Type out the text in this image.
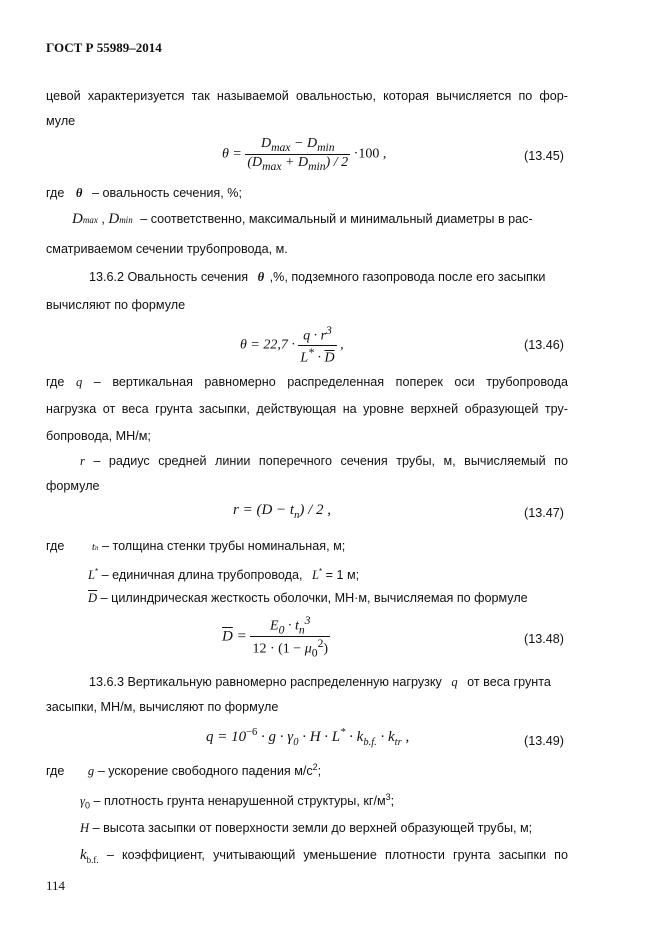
ГОСТ Р 55989–2014
цевой характеризуется так называемой овальностью, которая вычисляется по фор-
муле
$\theta = \frac{D_{max} - D_{min}}{(D_{max} + D_{min}) / 2} \cdot 100$ ,	(13.45)
где θ – овальность сечения, %;
Dmax , Dmin – соответственно, максимальный и минимальный диаметры в рас-
сматриваемом сечении трубопровода, м.
13.6.2 Овальность сечения θ ,%, подземного газопровода после его засыпки
вычисляют по формуле
$\theta = 22,7 \cdot \frac{q \cdot r^3}{L^* \cdot \overline{D}}$ ,	(13.46)
где q – вертикальная равномерно распределенная поперек оси трубопровода
нагрузка от веса грунта засыпки, действующая на уровне верхней образующей тру-
бопровода, МН/м;
r – радиус средней линии поперечного сечения трубы, м, вычисляемый по
формуле
$r = (D - t_n) / 2$ ,	(13.47)
где	tn – толщина стенки трубы номинальная, м;
L* – единичная длина трубопровода, L* = 1 м;
$\overline{D}$ – цилиндрическая жесткость оболочки, МН·м, вычисляемая по формуле
$\overline{D} = \frac{E_0 \cdot t_n^3}{12 \cdot (1 - \mu_0^2)}$	(13.48)
13.6.3 Вертикальную равномерно распределенную нагрузку q от веса грунта
засыпки, МН/м, вычисляют по формуле
$q = 10^{-6} \cdot g \cdot \gamma_0 \cdot H \cdot L^* \cdot k_{b.f.} \cdot k_{tr}$ ,	(13.49)
где g – ускорение свободного падения $м/с^2$;
$\gamma_0$ – плотность грунта ненарушенной структуры, $кг/м^3$;
H – высота засыпки от поверхности земли до верхней образующей трубы, м;
$k_{b.f.}$ – коэффициент, учитывающий уменьшение плотности грунта засыпки по
114
